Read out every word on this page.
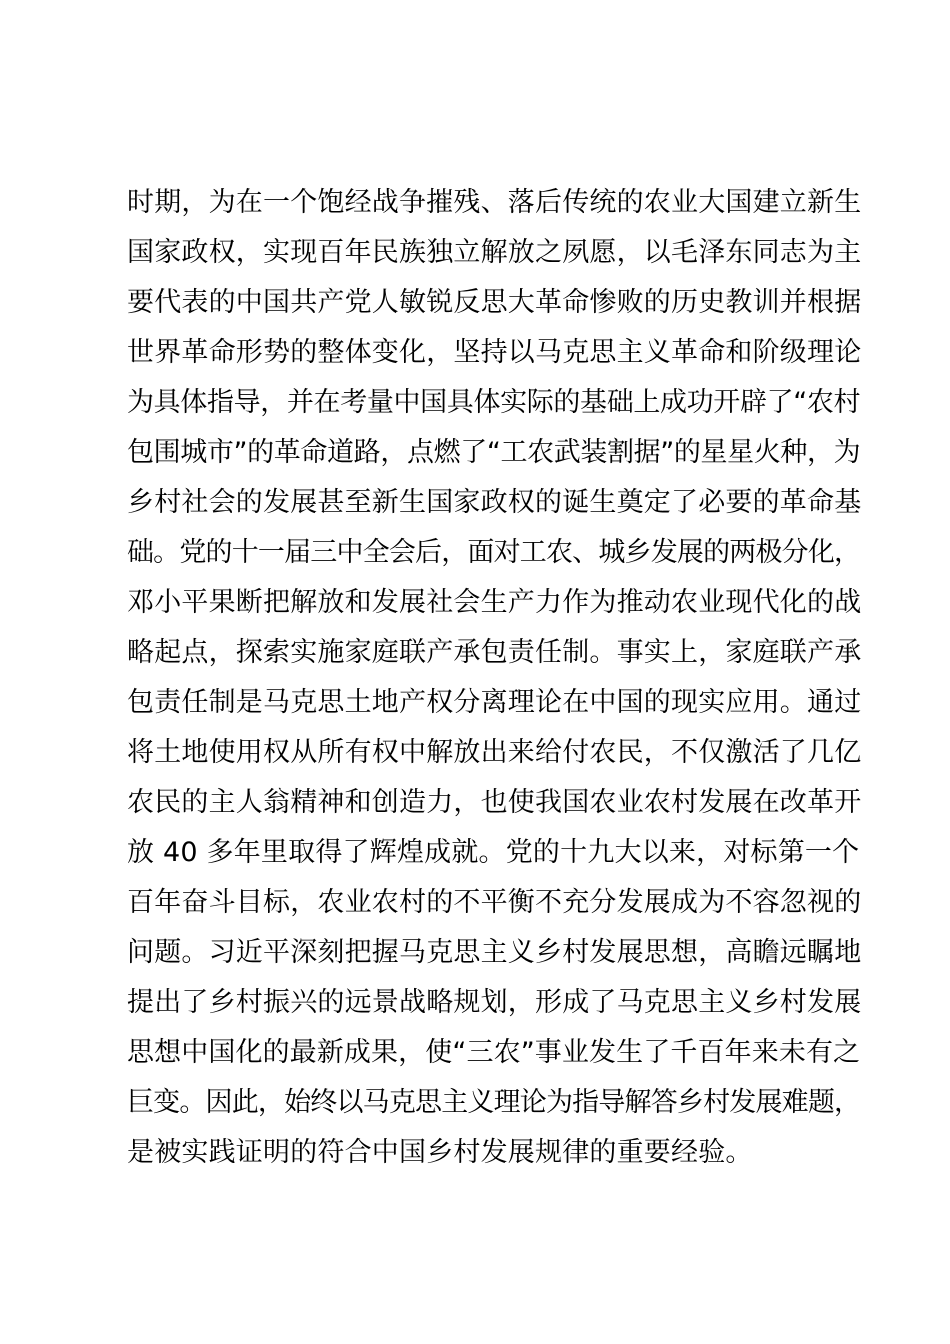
时期，为在一个饱经战争摧残、落后传统的农业大国建立新生
国家政权，实现百年民族独立解放之夙愿，以毛泽东同志为主
要代表的中国共产党人敏锐反思大革命惨败的历史教训并根据
世界革命形势的整体变化，坚持以马克思主义革命和阶级理论
为具体指导，并在考量中国具体实际的基础上成功开辟了“农村
包围城市”的革命道路，点燃了“工农武装割据”的星星火种，为
乡村社会的发展甚至新生国家政权的诞生奠定了必要的革命基
础。党的十一届三中全会后，面对工农、城乡发展的两极分化，
邓小平果断把解放和发展社会生产力作为推动农业现代化的战
略起点，探索实施家庭联产承包责任制。事实上，家庭联产承
包责任制是马克思土地产权分离理论在中国的现实应用。通过
将土地使用权从所有权中解放出来给付农民，不仅激活了几亿
农民的主人翁精神和创造力，也使我国农业农村发展在改革开
放 40 多年里取得了辉煌成就。党的十九大以来，对标第一个
百年奋斗目标，农业农村的不平衡不充分发展成为不容忽视的
问题。习近平深刻把握马克思主义乡村发展思想，高瞻远瞩地
提出了乡村振兴的远景战略规划，形成了马克思主义乡村发展
思想中国化的最新成果，使“三农”事业发生了千百年来未有之
巨变。因此，始终以马克思主义理论为指导解答乡村发展难题，
是被实践证明的符合中国乡村发展规律的重要经验。
